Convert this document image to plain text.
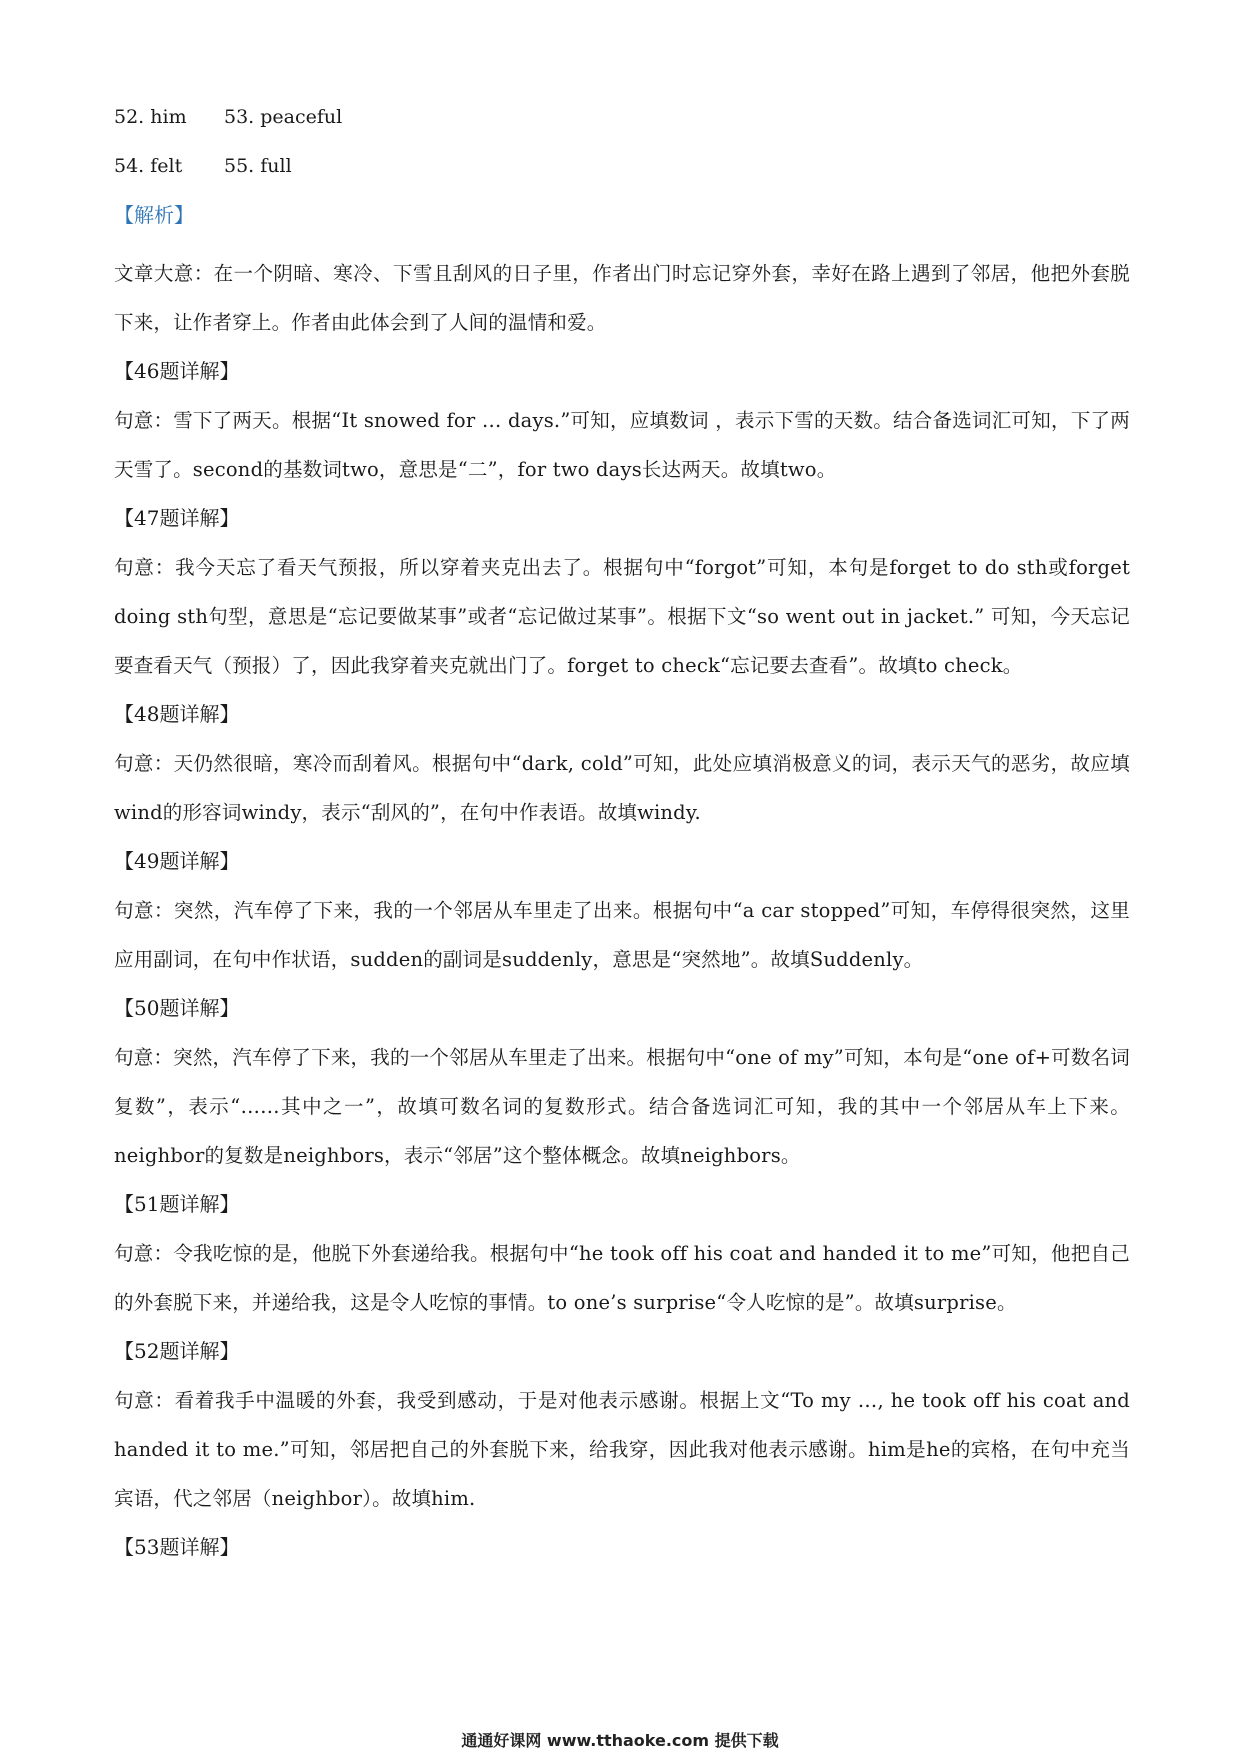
52. him	53. peaceful
54. felt	55. full
【解析】
文章大意：在一个阴暗、寒冷、下雪且刮风的日子里，作者出门时忘记穿外套，幸好在路上遇到了邻居，他把外套脱下来，让作者穿上。作者由此体会到了人间的温情和爱。
【46题详解】
句意：雪下了两天。根据“It snowed for … days.”可知，应填数词 ，表示下雪的天数。结合备选词汇可知，下了两天雪了。second的基数词two，意思是“二”，for two days长达两天。故填two。
【47题详解】
句意：我今天忘了看天气预报，所以穿着夹克出去了。根据句中“forgot”可知，本句是forget to do sth或forget doing sth句型，意思是“忘记要做某事”或者“忘记做过某事”。根据下文“so went out in jacket.” 可知，今天忘记要查看天气（预报）了，因此我穿着夹克就出门了。forget to check“忘记要去查看”。故填to check。
【48题详解】
句意：天仍然很暗，寒冷而刮着风。根据句中“dark, cold”可知，此处应填消极意义的词，表示天气的恶劣，故应填wind的形容词windy，表示“刮风的”，在句中作表语。故填windy.
【49题详解】
句意：突然，汽车停了下来，我的一个邻居从车里走了出来。根据句中“a car stopped”可知，车停得很突然，这里应用副词，在句中作状语，sudden的副词是suddenly，意思是“突然地”。故填Suddenly。
【50题详解】
句意：突然，汽车停了下来，我的一个邻居从车里走了出来。根据句中“one of my”可知，本句是“one of+可数名词复数”，表示“……其中之一”，故填可数名词的复数形式。结合备选词汇可知，我的其中一个邻居从车上下来。neighbor的复数是neighbors，表示“邻居”这个整体概念。故填neighbors。
【51题详解】
句意：令我吃惊的是，他脱下外套递给我。根据句中“he took off his coat and handed it to me”可知，他把自己的外套脱下来，并递给我，这是令人吃惊的事情。to one’s surprise“令人吃惊的是”。故填surprise。
【52题详解】
句意：看着我手中温暖的外套，我受到感动，于是对他表示感谢。根据上文“To my …, he took off his coat and handed it to me.”可知，邻居把自己的外套脱下来，给我穿，因此我对他表示感谢。him是he的宾格，在句中充当宾语，代之邻居（neighbor）。故填him.
【53题详解】
通通好课网 www.tthaoke.com 提供下载
